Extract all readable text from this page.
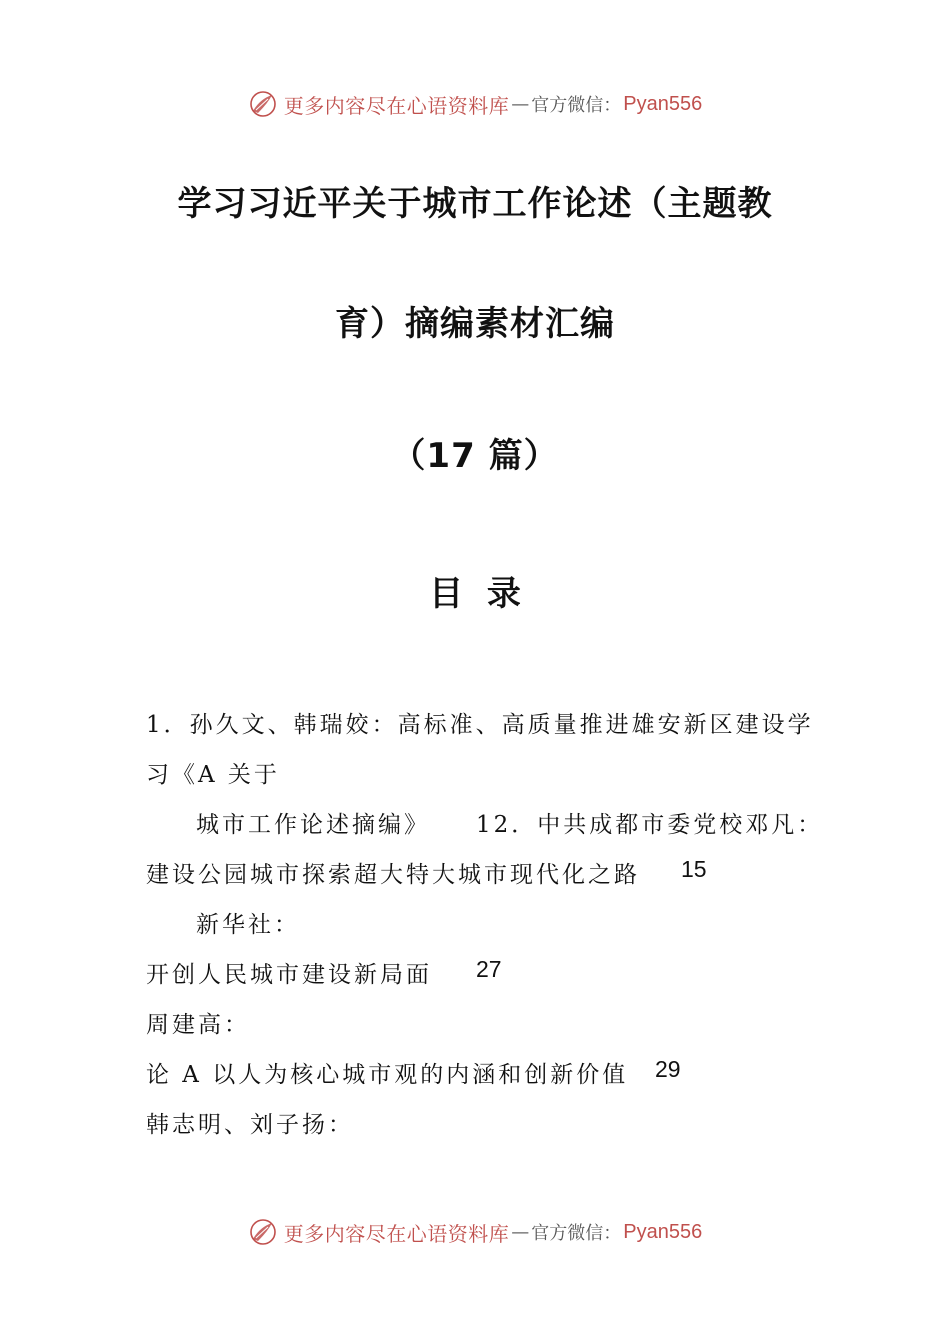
更多内容尽在心语资料库 — 官方微信： Pyan556
学习习近平关于城市工作论述（主题教
育）摘编素材汇编
（17 篇）
目  录
1．孙久文、韩瑞姣：高标准、高质量推进雄安新区建设学
习《A 关于
城市工作论述摘编》 12．中共成都市委党校邓凡：
建设公园城市探索超大特大城市现代化之路 15
新华社：
开创人民城市建设新局面 27
周建高：
论 A 以人为核心城市观的内涵和创新价值 29
韩志明、刘子扬：
更多内容尽在心语资料库 — 官方微信： Pyan556
